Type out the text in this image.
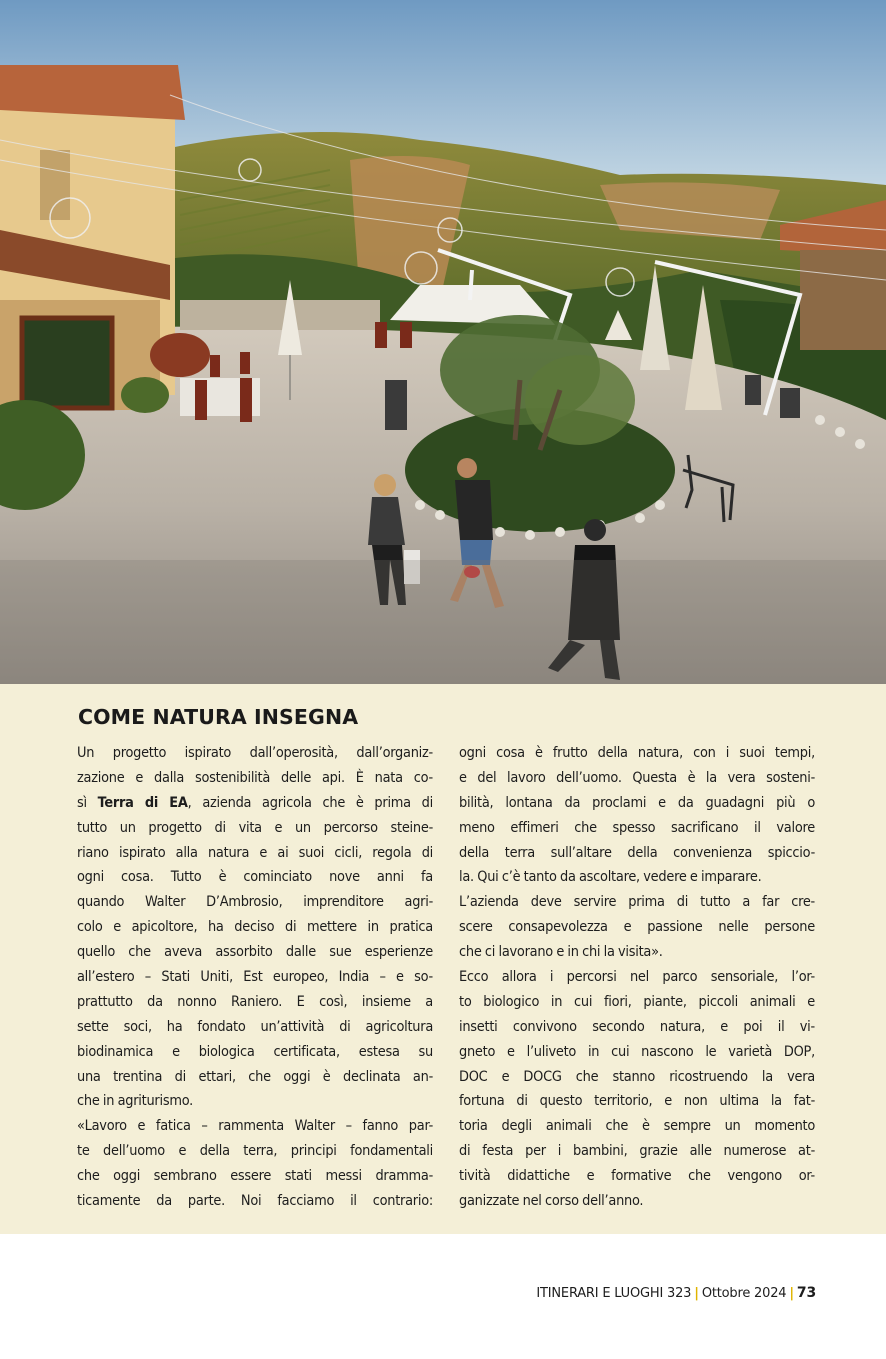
COME NATURA INSEGNA
Un progetto ispirato dall’operosità, dall’organiz-
zazione e dalla sostenibilità delle api. È nata co-
sì Terra di EA, azienda agricola che è prima di
tutto un progetto di vita e un percorso steine-
riano ispirato alla natura e ai suoi cicli, regola di
ogni cosa. Tutto è cominciato nove anni fa
quando Walter D’Ambrosio, imprenditore agri-
colo e apicoltore, ha deciso di mettere in pratica
quello che aveva assorbito dalle sue esperienze
all’estero – Stati Uniti, Est europeo, India – e so-
prattutto da nonno Raniero. E così, insieme a
sette soci, ha fondato un’attività di agricoltura
biodinamica e biologica certificata, estesa su
una trentina di ettari, che oggi è declinata an-
che in agriturismo.
«Lavoro e fatica – rammenta Walter – fanno par-
te dell’uomo e della terra, principi fondamentali
che oggi sembrano essere stati messi dramma-
ticamente da parte. Noi facciamo il contrario:
ogni cosa è frutto della natura, con i suoi tempi,
e del lavoro dell’uomo. Questa è la vera sosteni-
bilità, lontana da proclami e da guadagni più o
meno effimeri che spesso sacrificano il valore
della terra sull’altare della convenienza spiccio-
la. Qui c’è tanto da ascoltare, vedere e imparare.
L’azienda deve servire prima di tutto a far cre-
scere consapevolezza e passione nelle persone
che ci lavorano e in chi la visita».
Ecco allora i percorsi nel parco sensoriale, l’or-
to biologico in cui fiori, piante, piccoli animali e
insetti convivono secondo natura, e poi il vi-
gneto e l’uliveto in cui nascono le varietà DOP,
DOC e DOCG che stanno ricostruendo la vera
fortuna di questo territorio, e non ultima la fat-
toria degli animali che è sempre un momento
di festa per i bambini, grazie alle numerose at-
tività didattiche e formative che vengono or-
ganizzate nel corso dell’anno.
ITINERARI E LUOGHI 323 | Ottobre 2024 | 73
